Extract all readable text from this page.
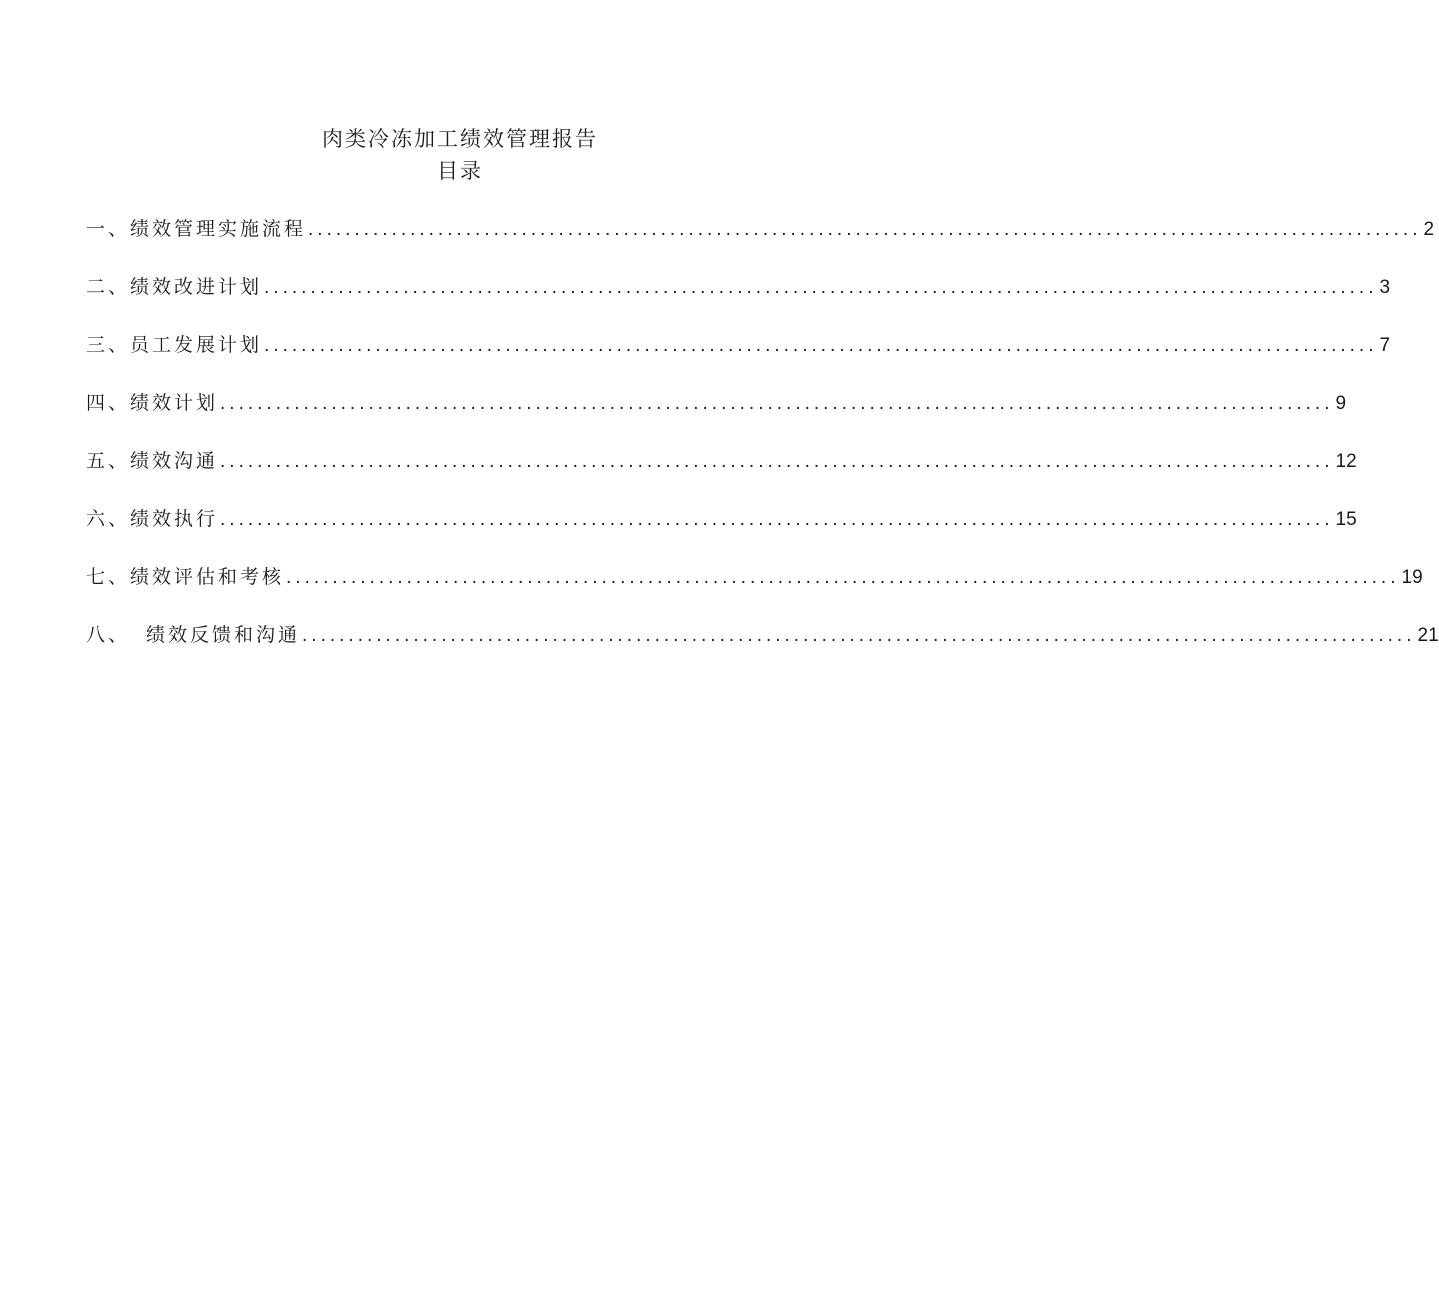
肉类冷冻加工绩效管理报告
目录
一、绩效管理实施流程 ........................................................................................................................ 2
二、绩效改进计划 ........................................................................................................................ 3
三、员工发展计划 ........................................................................................................................ 7
四、绩效计划 ........................................................................................................................ 9
五、绩效沟通 ........................................................................................................................ 12
六、绩效执行 ........................................................................................................................ 15
七、绩效评估和考核 ........................................................................................................................ 19
八、 绩效反馈和沟通 ........................................................................................................................ 21
